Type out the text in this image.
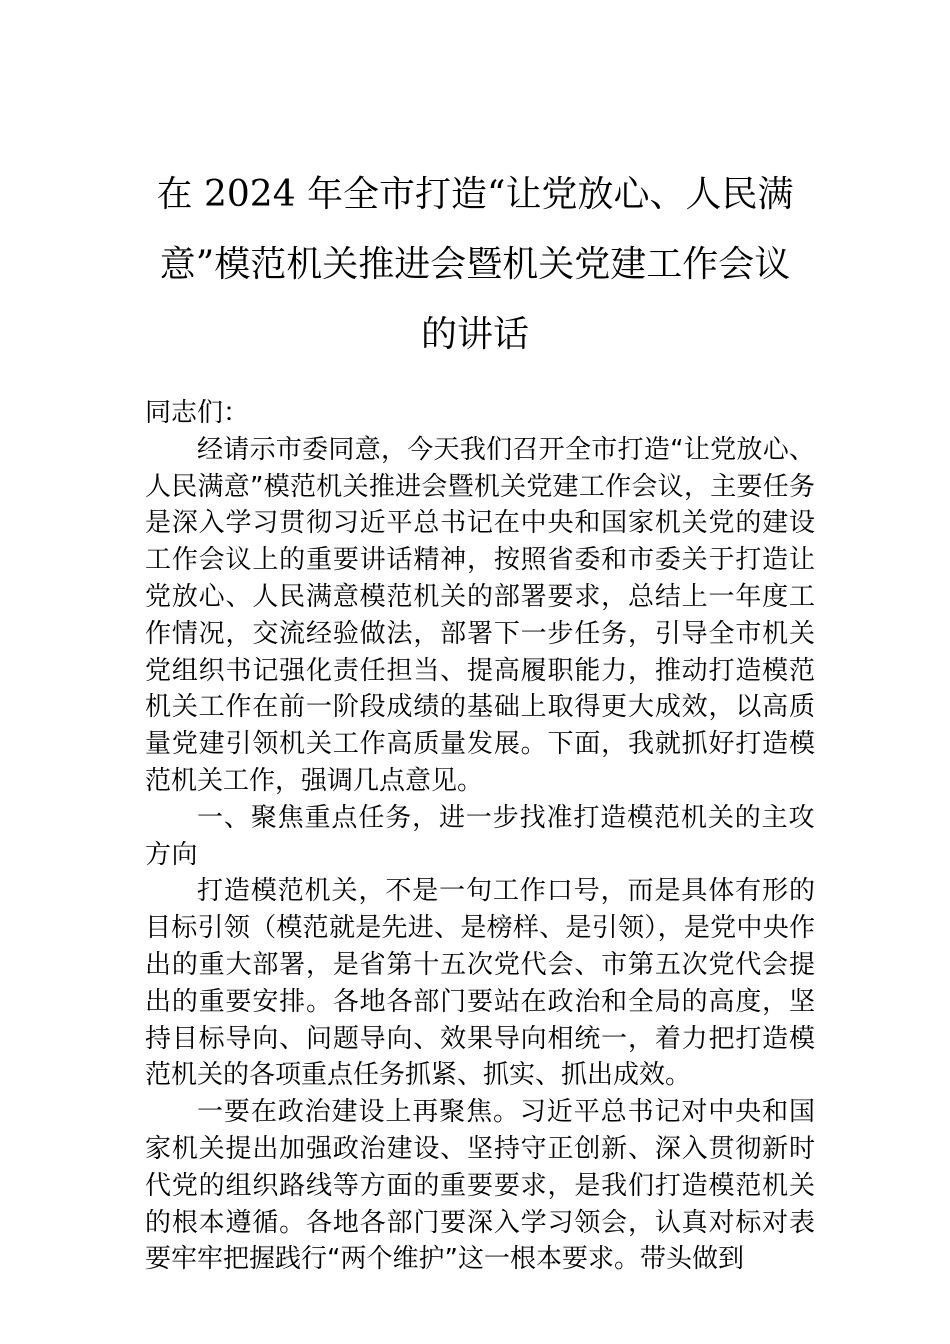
在 2024 年全市打造“让党放心、人民满
意”模范机关推进会暨机关党建工作会议
的讲话

同志们：

经请示市委同意，今天我们召开全市打造“让党放心、人民满意”模范机关推进会暨机关党建工作会议，主要任务是深入学习贯彻习近平总书记在中央和国家机关党的建设工作会议上的重要讲话精神，按照省委和市委关于打造让党放心、人民满意模范机关的部署要求，总结上一年度工作情况，交流经验做法，部署下一步任务，引导全市机关党组织书记强化责任担当、提高履职能力，推动打造模范机关工作在前一阶段成绩的基础上取得更大成效，以高质量党建引领机关工作高质量发展。下面，我就抓好打造模范机关工作，强调几点意见。

一、聚焦重点任务，进一步找准打造模范机关的主攻方向

打造模范机关，不是一句工作口号，而是具体有形的目标引领（模范就是先进、是榜样、是引领），是党中央作出的重大部署，是省第十五次党代会、市第五次党代会提出的重要安排。各地各部门要站在政治和全局的高度，坚持目标导向、问题导向、效果导向相统一，着力把打造模范机关的各项重点任务抓紧、抓实、抓出成效。

一要在政治建设上再聚焦。习近平总书记对中央和国家机关提出加强政治建设、坚持守正创新、深入贯彻新时代党的组织路线等方面的重要要求，是我们打造模范机关的根本遵循。各地各部门要深入学习领会，认真对标对表要牢牢把握践行“两个维护”这一根本要求。带头做到
